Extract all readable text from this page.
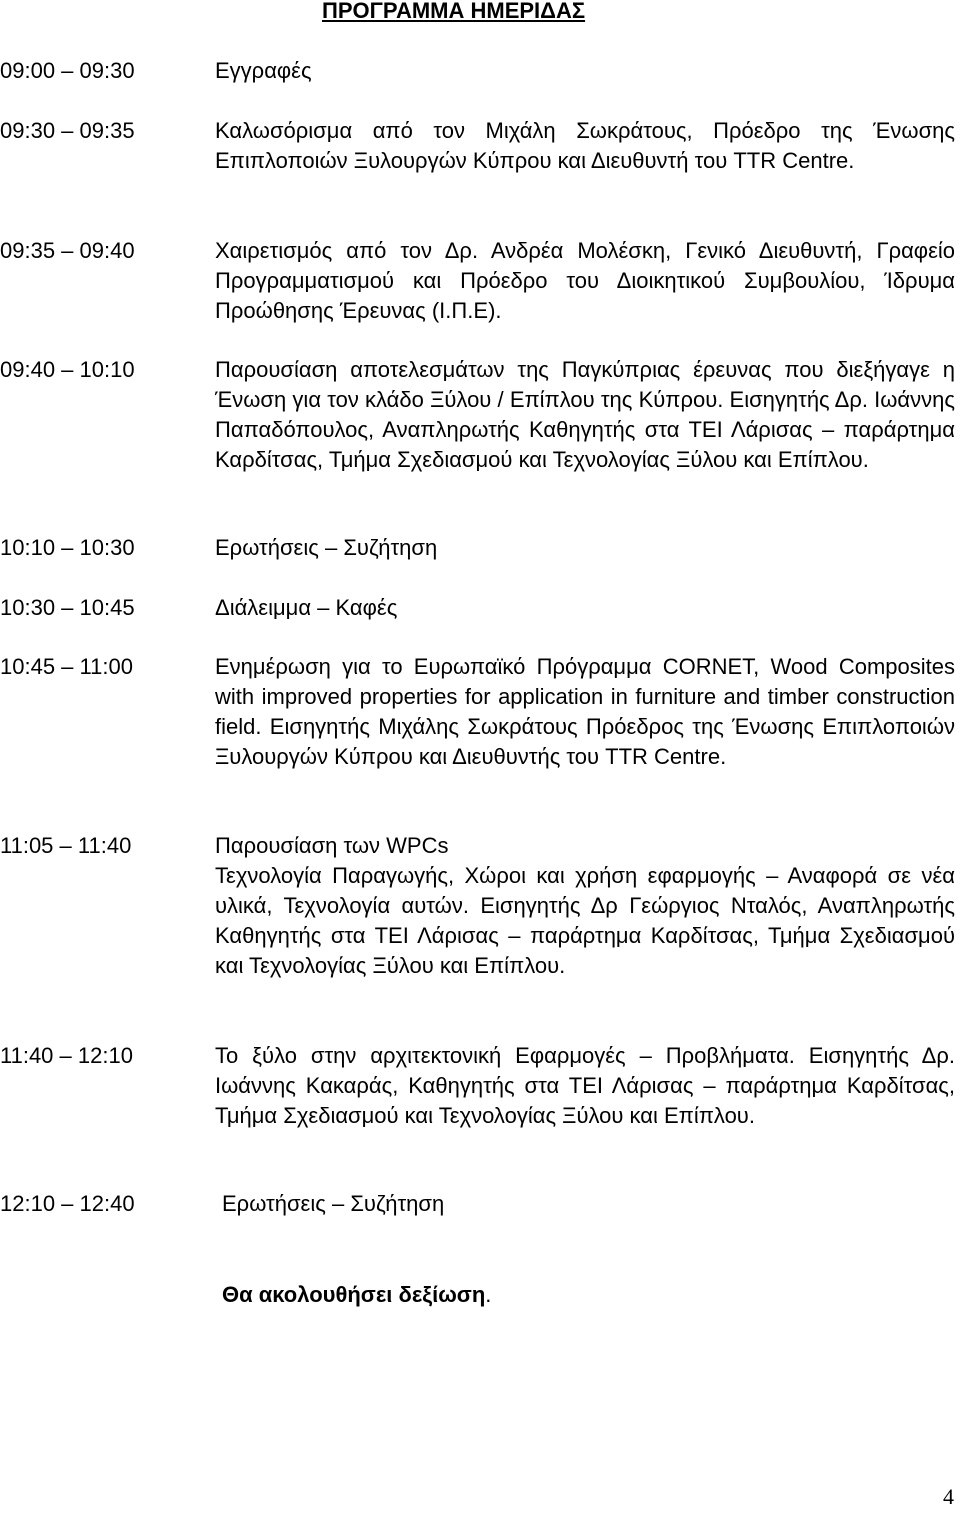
ΠΡΟΓΡΑΜΜΑ ΗΜΕΡΙΔΑΣ
09:00 – 09:30	Εγγραφές
09:30 – 09:35	Καλωσόρισμα από τον Μιχάλη Σωκράτους, Πρόεδρο της Ένωσης Επιπλοποιών Ξυλουργών Κύπρου και Διευθυντή του TTR Centre.
09:35 – 09:40	Χαιρετισμός από τον Δρ. Ανδρέα Μολέσκη, Γενικό Διευθυντή, Γραφείο Προγραμματισμού και Πρόεδρο του Διοικητικού Συμβουλίου, Ίδρυμα Προώθησης Έρευνας (Ι.Π.Ε).
09:40 – 10:10	Παρουσίαση αποτελεσμάτων της Παγκύπριας έρευνας που διεξήγαγε η Ένωση για τον κλάδο Ξύλου / Επίπλου της Κύπρου. Εισηγητής Δρ. Ιωάννης Παπαδόπουλος, Αναπληρωτής Καθηγητής στα ΤΕΙ Λάρισας – παράρτημα Καρδίτσας, Τμήμα Σχεδιασμού και Τεχνολογίας Ξύλου και Επίπλου.
10:10 – 10:30	Ερωτήσεις – Συζήτηση
10:30 – 10:45	Διάλειμμα – Καφές
10:45 – 11:00	Ενημέρωση για το Ευρωπαϊκό Πρόγραμμα CORNET, Wood Composites with improved properties for application in furniture and timber construction field. Εισηγητής Μιχάλης Σωκράτους Πρόεδρος της Ένωσης Επιπλοποιών Ξυλουργών Κύπρου και Διευθυντής του TTR Centre.
11:05 – 11:40	Παρουσίαση των WPCs
Τεχνολογία Παραγωγής, Χώροι και χρήση εφαρμογής – Αναφορά σε νέα υλικά, Τεχνολογία αυτών. Εισηγητής Δρ Γεώργιος Νταλός, Αναπληρωτής Καθηγητής στα ΤΕΙ Λάρισας – παράρτημα Καρδίτσας, Τμήμα Σχεδιασμού και Τεχνολογίας Ξύλου και Επίπλου.
11:40 – 12:10	Το ξύλο στην αρχιτεκτονική Εφαρμογές – Προβλήματα. Εισηγητής Δρ. Ιωάννης Κακαράς, Καθηγητής στα ΤΕΙ Λάρισας – παράρτημα Καρδίτσας, Τμήμα Σχεδιασμού και Τεχνολογίας Ξύλου και Επίπλου.
12:10 – 12:40	Ερωτήσεις – Συζήτηση
Θα ακολουθήσει δεξίωση.
4
